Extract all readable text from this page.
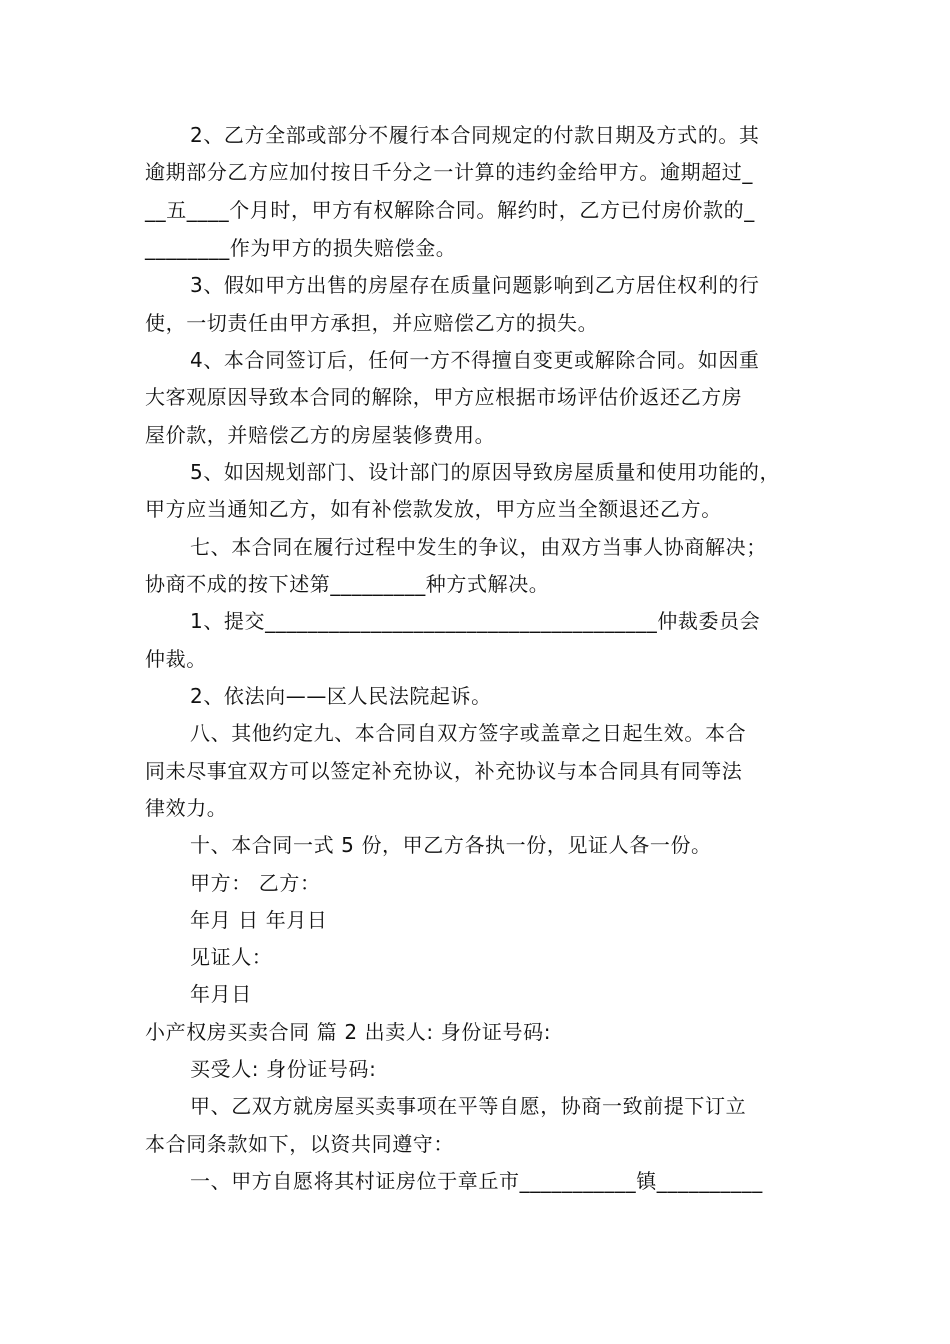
2、乙方全部或部分不履行本合同规定的付款日期及方式的。其
逾期部分乙方应加付按日千分之一计算的违约金给甲方。逾期超过_
__五____个月时，甲方有权解除合同。解约时，乙方已付房价款的_
________作为甲方的损失赔偿金。
3、假如甲方出售的房屋存在质量问题影响到乙方居住权利的行
使，一切责任由甲方承担，并应赔偿乙方的损失。
4、本合同签订后，任何一方不得擅自变更或解除合同。如因重
大客观原因导致本合同的解除，甲方应根据市场评估价返还乙方房
屋价款，并赔偿乙方的房屋装修费用。
5、如因规划部门、设计部门的原因导致房屋质量和使用功能的，
甲方应当通知乙方，如有补偿款发放，甲方应当全额退还乙方。
七、本合同在履行过程中发生的争议，由双方当事人协商解决；
协商不成的按下述第_________种方式解决。
1、提交_____________________________________仲裁委员会
仲裁。
2、依法向——区人民法院起诉。
八、其他约定九、本合同自双方签字或盖章之日起生效。本合
同未尽事宜双方可以签定补充协议，补充协议与本合同具有同等法
律效力。
十、本合同一式 5 份，甲乙方各执一份，见证人各一份。
甲方： 乙方：
年月 日 年月日
见证人：
年月日
小产权房买卖合同 篇 2 出卖人: 身份证号码:
买受人: 身份证号码:
甲、乙双方就房屋买卖事项在平等自愿，协商一致前提下订立
本合同条款如下，以资共同遵守：
一、甲方自愿将其村证房位于章丘市___________镇__________
